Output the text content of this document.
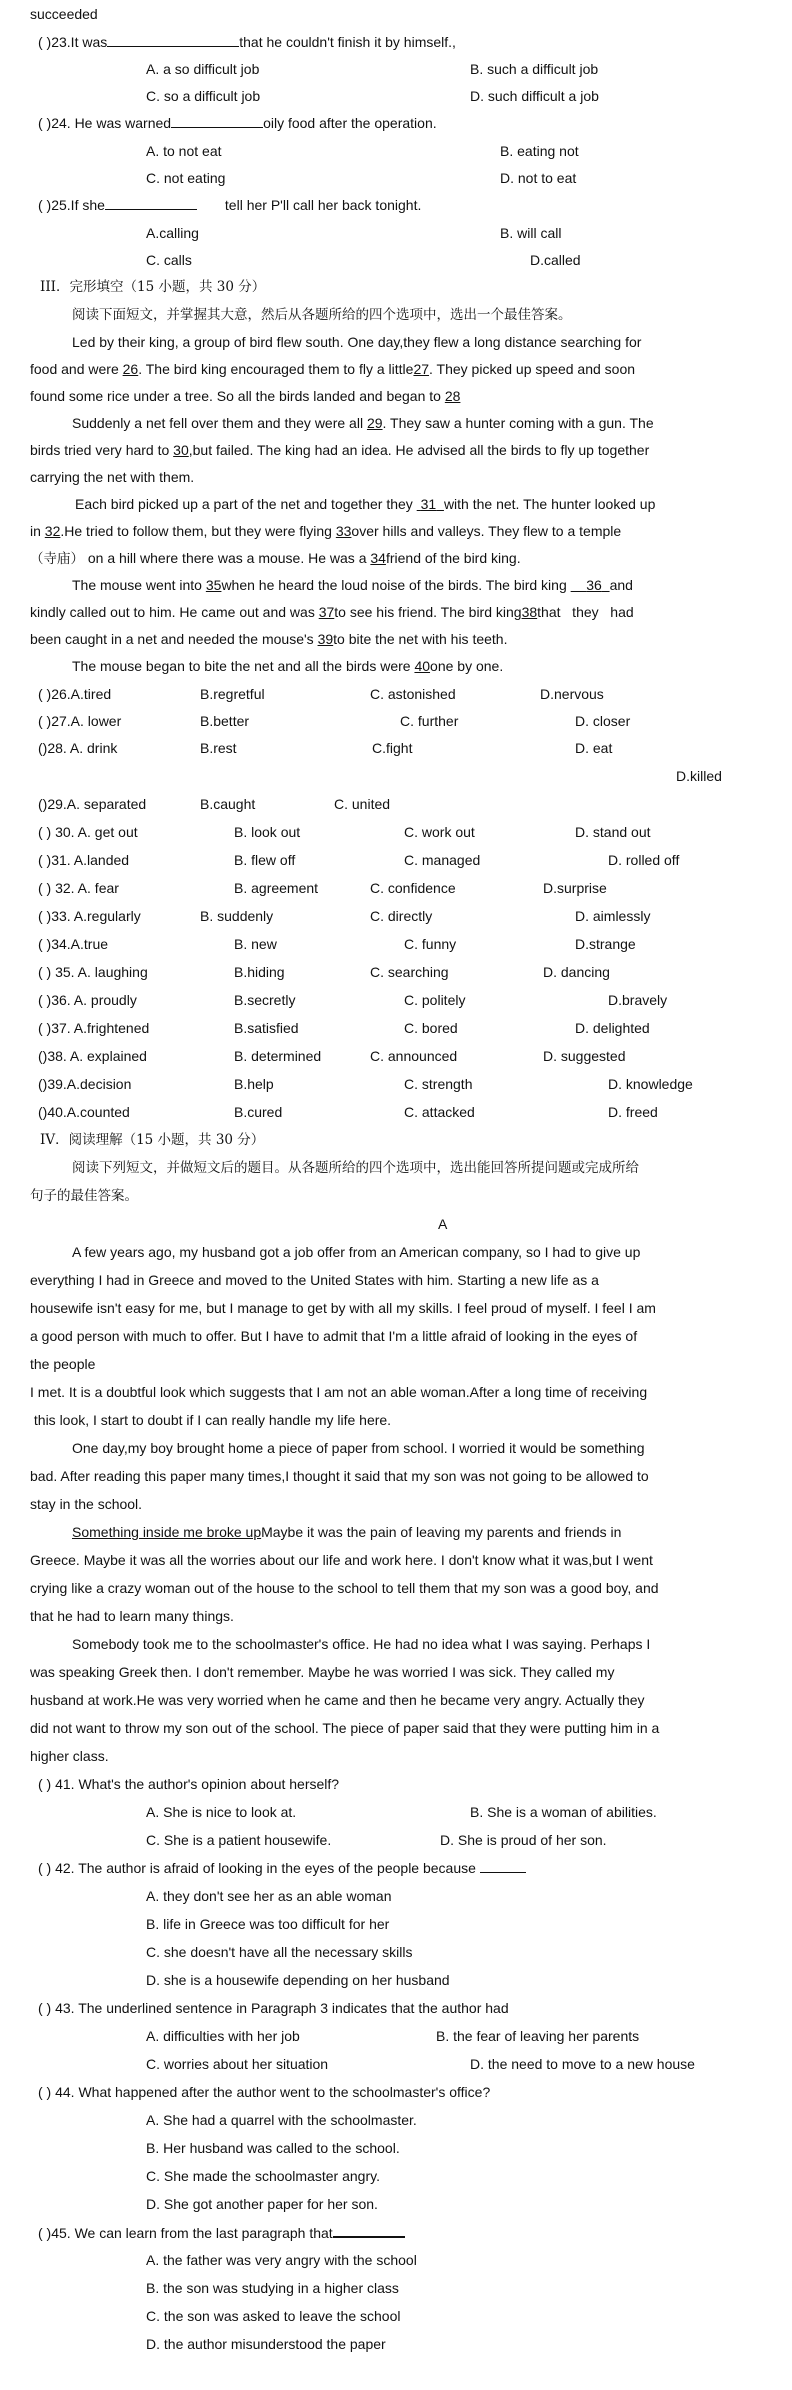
succeeded
( )23.It was	that he couldn't finish it by himself.,
A. a so difficult job	B. such a difficult job
C. so a difficult job	D. such difficult a job
( )24. He was warned	oily food after the operation.
A. to not eat	B. eating not
C. not eating	D. not to eat
( )25.If she	tell her P'll call her back tonight.
A.calling	B. will call
C. calls	D.called
III．完形填空（15 小题，共 30 分）
阅读下面短文，并掌握其大意，然后从各题所给的四个选项中，选出一个最佳答案。
Led by their king, a group of bird flew south. One day,they flew a long distance searching for
food and were 26. The bird king encouraged them to fly a little27. They picked up speed and soon
found some rice under a tree. So all the birds landed and began to 28
Suddenly a net fell over them and they were all 29. They saw a hunter coming with a gun. The
birds tried very hard to 30,but failed. The king had an idea. He advised all the birds to fly up together
carrying the net with them.
Each bird picked up a part of the net and together they  31 with the net. The hunter looked up
in 32.He tried to follow them, but they were flying 33over hills and valleys. They flew to a temple
（寺庙） on a hill where there was a mouse. He was a 34friend of the bird king.
The mouse went into 35when he heard the loud noise of the birds. The bird king     36 and
kindly called out to him. He came out and was 37to see his friend. The bird king38that   they   had
been caught in a net and needed the mouse's 39to bite the net with his teeth.
The mouse began to bite the net and all the birds were 40one by one.
( )26.A.tired	B.regretful	C. astonished	D.nervous
( )27.A. lower	B.better	C. further	D. closer
()28. A. drink	B.rest	C.fight	D. eat
D.killed
()29.A. separated	B.caught	C. united
( ) 30. A. get out	B. look out	C. work out	D. stand out
( )31. A.landed	B. flew off	C. managed	D. rolled off
( ) 32. A. fear	B. agreement	C. confidence	D.surprise
( )33. A.regularly	B. suddenly	C. directly	D. aimlessly
( )34.A.true	B. new	C. funny	D.strange
( ) 35. A. laughing	B.hiding	C. searching	D. dancing
( )36. A. proudly	B.secretly	C. politely	D.bravely
( )37. A.frightened	B.satisfied	C. bored	D. delighted
()38. A. explained	B. determined	C. announced	D. suggested
()39.A.decision	B.help	C. strength	D. knowledge
()40.A.counted	B.cured	C. attacked	D. freed
IV．阅读理解（15 小题，共 30 分）
阅读下列短文，并做短文后的题目。从各题所给的四个选项中，选出能回答所提问题或完成所给
句子的最佳答案。
A
A few years ago, my husband got a job offer from an American company, so I had to give up
everything I had in Greece and moved to the United States with him. Starting a new life as a
housewife isn't easy for me, but I manage to get by with all my skills. I feel proud of myself. I feel I am
a good person with much to offer. But I have to admit that I'm a little afraid of looking in the eyes of
the people
I met. It is a doubtful look which suggests that I am not an able woman.After a long time of receiving
this look, I start to doubt if I can really handle my life here.
One day,my boy brought home a piece of paper from school. I worried it would be something
bad. After reading this paper many times,I thought it said that my son was not going to be allowed to
stay in the school.
Something inside me broke upMaybe it was the pain of leaving my parents and friends in
Greece. Maybe it was all the worries about our life and work here. I don't know what it was,but I went
crying like a crazy woman out of the house to the school to tell them that my son was a good boy, and
that he had to learn many things.
Somebody took me to the schoolmaster's office. He had no idea what I was saying. Perhaps I
was speaking Greek then. I don't remember. Maybe he was worried I was sick. They called my
husband at work.He was very worried when he came and then he became very angry. Actually they
did not want to throw my son out of the school. The piece of paper said that they were putting him in a
higher class.
( ) 41. What's the author's opinion about herself?
A. She is nice to look at.	B. She is a woman of abilities.
C. She is a patient housewife.	D. She is proud of her son.
( ) 42. The author is afraid of looking in the eyes of the people because
A. they don't see her as an able woman
B. life in Greece was too difficult for her
C. she doesn't have all the necessary skills
D. she is a housewife depending on her husband
( ) 43. The underlined sentence in Paragraph 3 indicates that the author had
A. difficulties with her job	B. the fear of leaving her parents
C. worries about her situation	D. the need to move to a new house
( ) 44. What happened after the author went to the schoolmaster's office?
A. She had a quarrel with the schoolmaster.
B. Her husband was called to the school.
C. She made the schoolmaster angry.
D. She got another paper for her son.
( )45. We can learn from the last paragraph that
A. the father was very angry with the school
B. the son was studying in a higher class
C. the son was asked to leave the school
D. the author misunderstood the paper
